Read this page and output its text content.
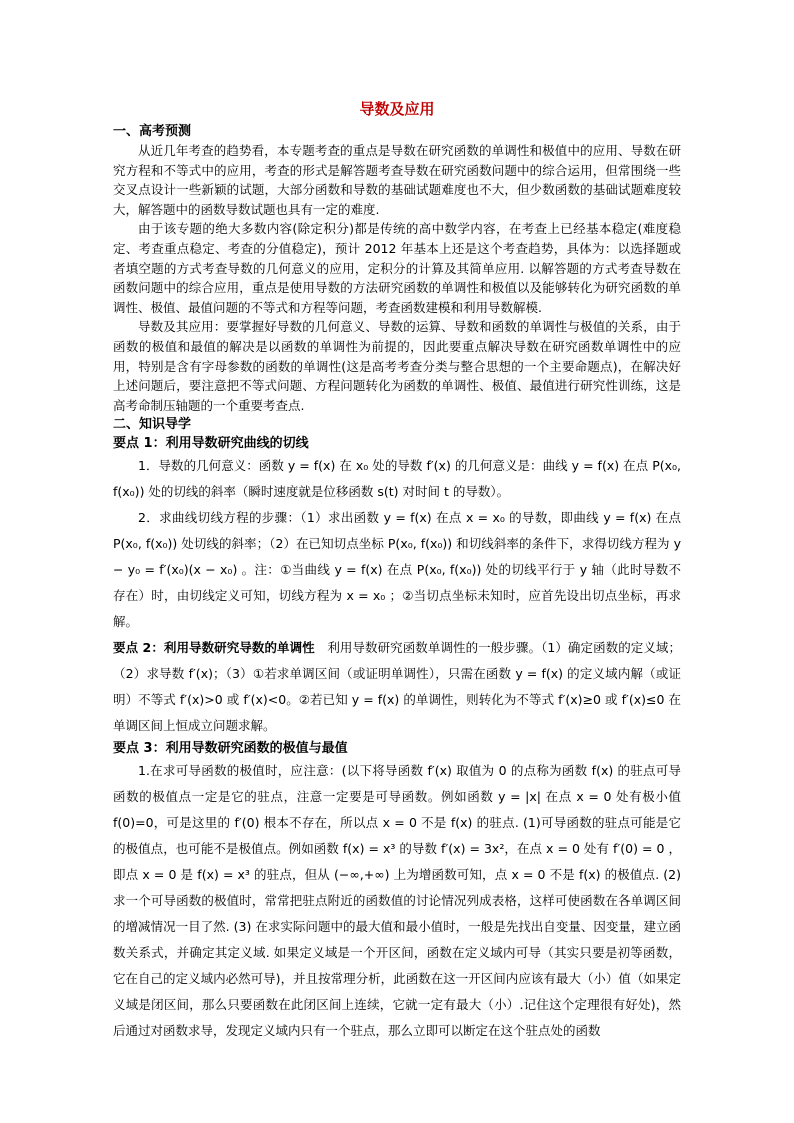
导数及应用
一、高考预测

从近几年考查的趋势看，本专题考查的重点是导数在研究函数的单调性和极值中的应用、导数在研究方程和不等式中的应用，考查的形式是解答题考查导数在研究函数问题中的综合运用，但常围绕一些交叉点设计一些新颖的试题，大部分函数和导数的基础试题难度也不大，但少数函数的基础试题难度较大，解答题中的函数导数试题也具有一定的难度.

由于该专题的绝大多数内容(除定积分)都是传统的高中数学内容，在考查上已经基本稳定(难度稳定、考查重点稳定、考查的分值稳定)，预计 2012 年基本上还是这个考查趋势，具体为：以选择题或者填空题的方式考查导数的几何意义的应用，定积分的计算及其简单应用. 以解答题的方式考查导数在函数问题中的综合应用，重点是使用导数的方法研究函数的单调性和极值以及能够转化为研究函数的单调性、极值、最值问题的不等式和方程等问题，考查函数建模和利用导数解模.

导数及其应用：要掌握好导数的几何意义、导数的运算、导数和函数的单调性与极值的关系，由于函数的极值和最值的解决是以函数的单调性为前提的，因此要重点解决导数在研究函数单调性中的应用，特别是含有字母参数的函数的单调性(这是高考考查分类与整合思想的一个主要命题点)，在解决好上述问题后，要注意把不等式问题、方程问题转化为函数的单调性、极值、最值进行研究性训练，这是高考命制压轴题的一个重要考查点.

二、知识导学
要点 1：利用导数研究曲线的切线

1．导数的几何意义：函数 y = f(x) 在 x₀ 处的导数 f′(x) 的几何意义是：曲线 y = f(x) 在点 P(x₀, f(x₀)) 处的切线的斜率（瞬时速度就是位移函数 s(t) 对时间 t 的导数）。

2．求曲线切线方程的步骤：（1）求出函数 y = f(x) 在点 x = x₀ 的导数，即曲线 y = f(x) 在点 P(x₀, f(x₀)) 处切线的斜率；（2）在已知切点坐标 P(x₀, f(x₀)) 和切线斜率的条件下，求得切线方程为 y − y₀ = f′(x₀)(x − x₀) 。注：①当曲线 y = f(x) 在点 P(x₀, f(x₀)) 处的切线平行于 y 轴（此时导数不存在）时，由切线定义可知，切线方程为 x = x₀ ；②当切点坐标未知时，应首先设出切点坐标，再求解。

要点 2：利用导数研究导数的单调性　利用导数研究函数单调性的一般步骤。（1）确定函数的定义域；（2）求导数 f′(x)；（3）①若求单调区间（或证明单调性），只需在函数 y = f(x) 的定义域内解（或证明）不等式 f′(x)>0 或 f′(x)<0。②若已知 y = f(x) 的单调性，则转化为不等式 f′(x)≥0 或 f′(x)≤0 在单调区间上恒成立问题求解。

要点 3：利用导数研究函数的极值与最值

1.在求可导函数的极值时，应注意：(以下将导函数 f′(x) 取值为 0 的点称为函数 f(x) 的驻点可导函数的极值点一定是它的驻点，注意一定要是可导函数。例如函数 y = |x| 在点 x = 0 处有极小值 f(0)=0，可是这里的 f′(0) 根本不存在，所以点 x = 0 不是 f(x) 的驻点. (1)可导函数的驻点可能是它的极值点，也可能不是极值点。例如函数 f(x) = x³ 的导数 f′(x) = 3x²，在点 x = 0 处有 f′(0) = 0 ，即点 x = 0 是 f(x) = x³ 的驻点，但从 (−∞,+∞) 上为增函数可知，点 x = 0 不是 f(x) 的极值点. (2) 求一个可导函数的极值时，常常把驻点附近的函数值的讨论情况列成表格，这样可使函数在各单调区间的增减情况一目了然. (3) 在求实际问题中的最大值和最小值时，一般是先找出自变量、因变量，建立函数关系式，并确定其定义域. 如果定义域是一个开区间，函数在定义域内可导（其实只要是初等函数，它在自己的定义域内必然可导)，并且按常理分析，此函数在这一开区间内应该有最大（小）值（如果定义域是闭区间，那么只要函数在此闭区间上连续，它就一定有最大（小）.记住这个定理很有好处)，然后通过对函数求导，发现定义域内只有一个驻点，那么立即可以断定在这个驻点处的函数
